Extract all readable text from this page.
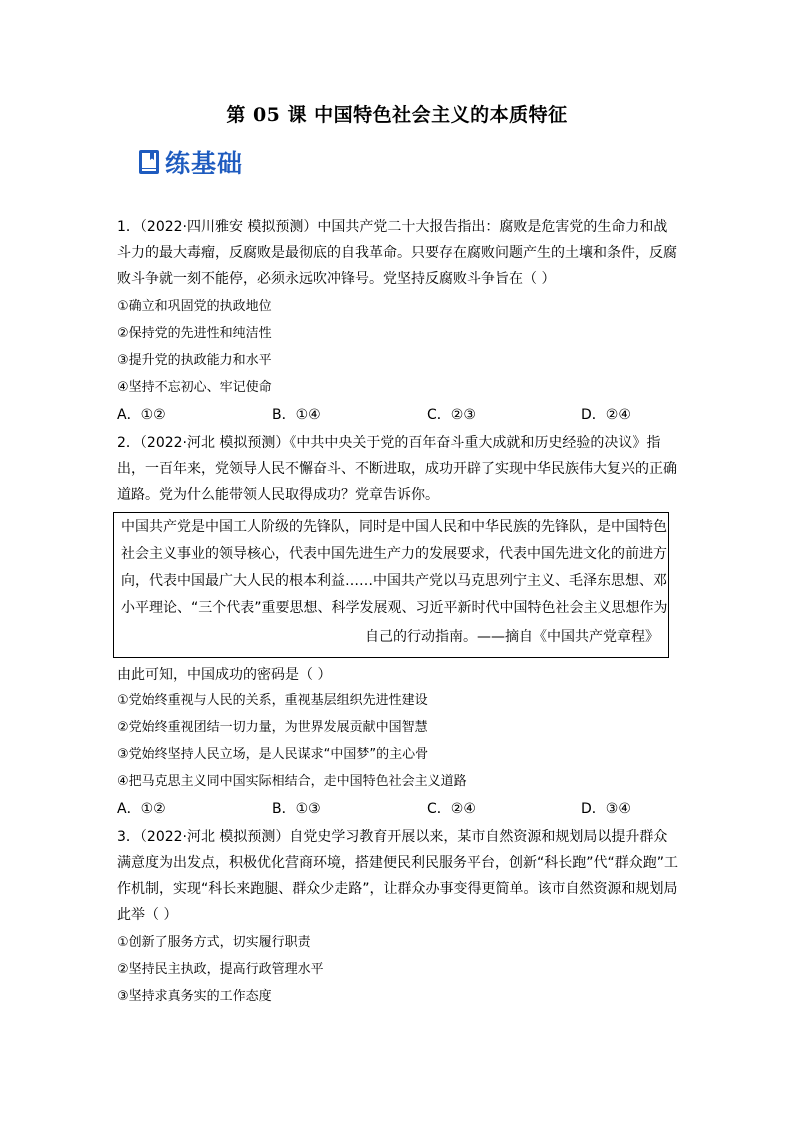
第 05 课 中国特色社会主义的本质特征
练基础
1．（2022·四川雅安 模拟预测）中国共产党二十大报告指出：腐败是危害党的生命力和战
斗力的最大毒瘤，反腐败是最彻底的自我革命。只要存在腐败问题产生的土壤和条件，反腐
败斗争就一刻不能停，必须永远吹冲锋号。党坚持反腐败斗争旨在（ ）
①确立和巩固党的执政地位
②保持党的先进性和纯洁性
③提升党的执政能力和水平
④坚持不忘初心、牢记使命
A．①②	B．①④	C．②③	D．②④
2．（2022·河北 模拟预测）《中共中央关于党的百年奋斗重大成就和历史经验的决议》指
出，一百年来，党领导人民不懈奋斗、不断进取，成功开辟了实现中华民族伟大复兴的正确
道路。党为什么能带领人民取得成功？党章告诉你。
中国共产党是中国工人阶级的先锋队，同时是中国人民和中华民族的先锋队，是中国特色
社会主义事业的领导核心，代表中国先进生产力的发展要求，代表中国先进文化的前进方
向，代表中国最广大人民的根本利益……中国共产党以马克思列宁主义、毛泽东思想、邓
小平理论、“三个代表”重要思想、科学发展观、习近平新时代中国特色社会主义思想作为
自己的行动指南。——摘自《中国共产党章程》
由此可知，中国成功的密码是（ ）
①党始终重视与人民的关系，重视基层组织先进性建设
②党始终重视团结一切力量，为世界发展贡献中国智慧
③党始终坚持人民立场，是人民谋求“中国梦”的主心骨
④把马克思主义同中国实际相结合，走中国特色社会主义道路
A．①②	B．①③	C．②④	D．③④
3．（2022·河北 模拟预测）自党史学习教育开展以来，某市自然资源和规划局以提升群众
满意度为出发点，积极优化营商环境，搭建便民利民服务平台，创新“科长跑”代“群众跑”工
作机制，实现“科长来跑腿、群众少走路”，让群众办事变得更简单。该市自然资源和规划局
此举（ ）
①创新了服务方式，切实履行职责
②坚持民主执政，提高行政管理水平
③坚持求真务实的工作态度
